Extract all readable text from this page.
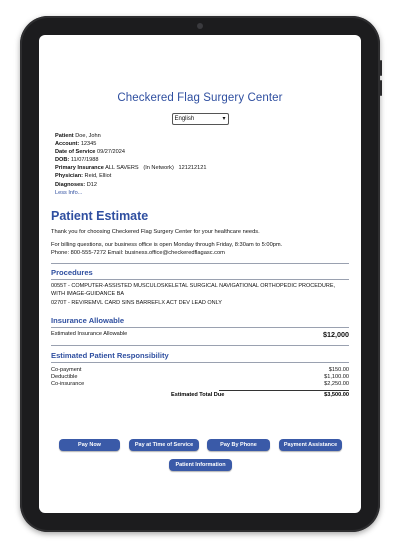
Checkered Flag Surgery Center
English	▾
Patient Doe, John
Account: 12345
Date of Service 09/27/2024
DOB: 11/07/1988
Primary Insurance ALL SAVERS (In Network) 121212121
Physician: Reid, Elliot
Diagnoses: D12
Less Info...
Patient Estimate
Thank you for choosing Checkered Flag Surgery Center for your healthcare needs.
For billing questions, our business office is open Monday through Friday, 8:30am to 5:00pm.
Phone: 800-555-7272 Email: business.office@checkeredflagasc.com
Procedures
0055T - COMPUTER-ASSISTED MUSCULOSKELETAL SURGICAL NAVIGATIONAL ORTHOPEDIC PROCEDURE, WITH IMAGE-GUIDANCE BA
0270T - REV/REMVL CARD SINS BARREFLX ACT DEV LEAD ONLY
Insurance Allowable
Estimated Insurance Allowable	$12,000
Estimated Patient Responsibility
Co-payment	$150.00
Deductible	$1,100.00
Co-insurance	$2,250.00
Estimated Total Due	$3,500.00
Pay Now	Pay at Time of Service	Pay By Phone	Payment Assistance
Patient Information
